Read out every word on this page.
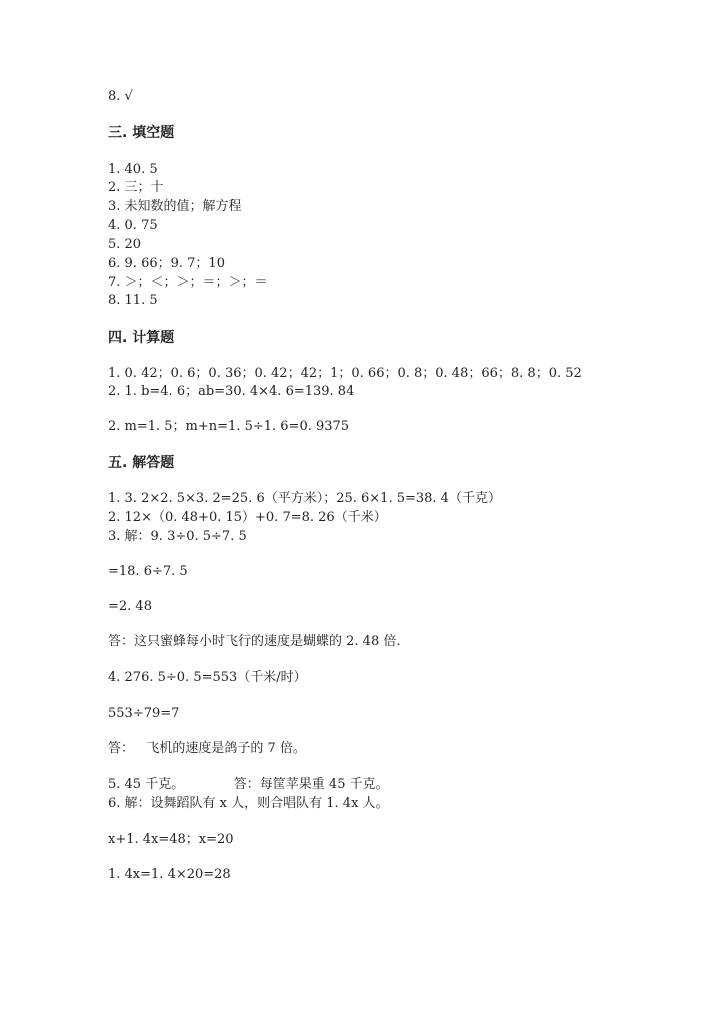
8. √
三. 填空题
1. 40. 5
2. 三；十
3. 未知数的值；解方程
4. 0. 75
5. 20
6. 9. 66；9. 7；10
7. ＞；＜；＞；＝；＞；＝
8. 11. 5
四. 计算题
1. 0. 42；0. 6；0. 36；0. 42；42；1；0. 66；0. 8；0. 48；66；8. 8；0. 52
2. 1. b=4. 6；ab=30. 4×4. 6=139. 84
2. m=1. 5；m+n=1. 5÷1. 6=0. 9375
五. 解答题
1. 3. 2×2. 5×3. 2=25. 6（平方米）；25. 6×1. 5=38. 4（千克）
2. 12×（0. 48+0. 15）+0. 7=8. 26（千米）
3. 解：9. 3÷0. 5÷7. 5
=18. 6÷7. 5
=2. 48
答：这只蜜蜂每小时飞行的速度是蝴蝶的 2. 48 倍.
4. 276. 5÷0. 5=553（千米/时）
553÷79=7
答：   飞机的速度是鸽子的 7 倍。
5. 45 千克。            答：每筐苹果重 45 千克。
6. 解：设舞蹈队有 x 人，则合唱队有 1. 4x 人。
x+1. 4x=48；x=20
1. 4x=1. 4×20=28
